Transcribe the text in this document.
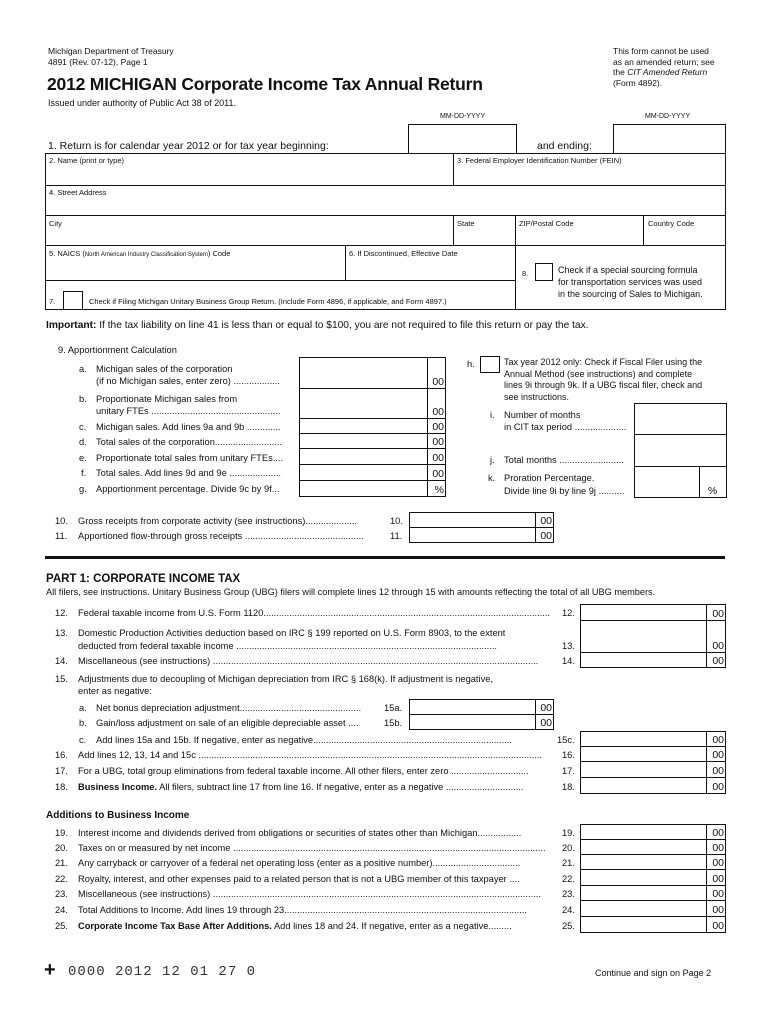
Michigan Department of Treasury
4891 (Rev. 07-12), Page 1
2012 MICHIGAN Corporate Income Tax Annual Return
Issued under authority of Public Act 38 of 2011.
This form cannot be used
as an amended return; see
the CIT Amended Return
(Form 4892).
MM-DD-YYYY	MM-DD-YYYY
1. Return is for calendar year 2012 or for tax year beginning:	and ending:
2. Name (print or type)	3. Federal Employer Identification Number (FEIN)
4. Street Address
City	State	ZIP/Postal Code	Country Code
5. NAICS (North American Industry Classification System) Code	6. If Discontinued, Effective Date
7.	Check if Filing Michigan Unitary Business Group Return. (Include Form 4896, if applicable, and Form 4897.)
8.	Check if a special sourcing formula
for transportation services was used
in the sourcing of Sales to Michigan.
Important: If the tax liability on line 41 is less than or equal to $100, you are not required to file this return or pay the tax.
9. Apportionment Calculation
a. Michigan sales of the corporation
(if no Michigan sales, enter zero) ..................	00
b. Proportionate Michigan sales from
unitary FTEs ..................................................	00
c. Michigan sales. Add lines 9a and 9b .............	00
d. Total sales of the corporation..........................	00
e. Proportionate total sales from unitary FTEs....	00
f. Total sales. Add lines 9d and 9e ....................	00
g. Apportionment percentage. Divide 9c by 9f...	%
h.	Tax year 2012 only: Check if Fiscal Filer using the
Annual Method (see instructions) and complete
lines 9i through 9k. If a UBG fiscal filer, check and
see instructions.
i. Number of months
in CIT tax period ....................
j. Total months .........................
k. Proration Percentage.
Divide line 9i by line 9j ..........	%
10. Gross receipts from corporate activity (see instructions)....................	10.	00
11. Apportioned flow-through gross receipts ..............................................	11.	00
PART 1: CORPORATE INCOME TAX
All filers, see instructions. Unitary Business Group (UBG) filers will complete lines 12 through 15 with amounts reflecting the total of all UBG members.
12. Federal taxable income from U.S. Form 1120............................................................................................................... 12.	00
13. Domestic Production Activities deduction based on IRC § 199 reported on U.S. Form 8903, to the extent
deducted from federal taxable income .....................................................................................................	13.	00
14. Miscellaneous (see instructions) ..............................................................................................................................	14.	00
15. Adjustments due to decoupling of Michigan depreciation from IRC § 168(k). If adjustment is negative,
enter as negative:
a. Net bonus depreciation adjustment...............................................	15a.	00
b. Gain/loss adjustment on sale of an eligible depreciable asset ....	15b.	00
c. Add lines 15a and 15b. If negative, enter as negative.............................................................................	15c.	00
16. Add lines 12, 13, 14 and 15c .....................................................................................................................................	16.	00
17. For a UBG, total group eliminations from federal taxable income. All other filers, enter zero ..............................	17.	00
18. Business Income. All filers, subtract line 17 from line 16. If negative, enter as a negative ..............................	18.	00
Additions to Business Income
19. Interest income and dividends derived from obligations or securities of states other than Michigan.................	19.	00
20. Taxes on or measured by net income .........................................................................................................................	20.	00
21. Any carryback or carryover of a federal net operating loss (enter as a positive number)..................................	21.	00
22. Royalty, interest, and other expenses paid to a related person that is not a UBG member of this taxpayer ....	22.	00
23. Miscellaneous (see instructions) ...............................................................................................................................	23.	00
24. Total Additions to Income. Add lines 19 through 23..............................................................................................	24.	00
25. Corporate Income Tax Base After Additions. Add lines 18 and 24. If negative, enter as a negative.........	25.	00
+ 0000 2012 12 01 27 0	Continue and sign on Page 2
